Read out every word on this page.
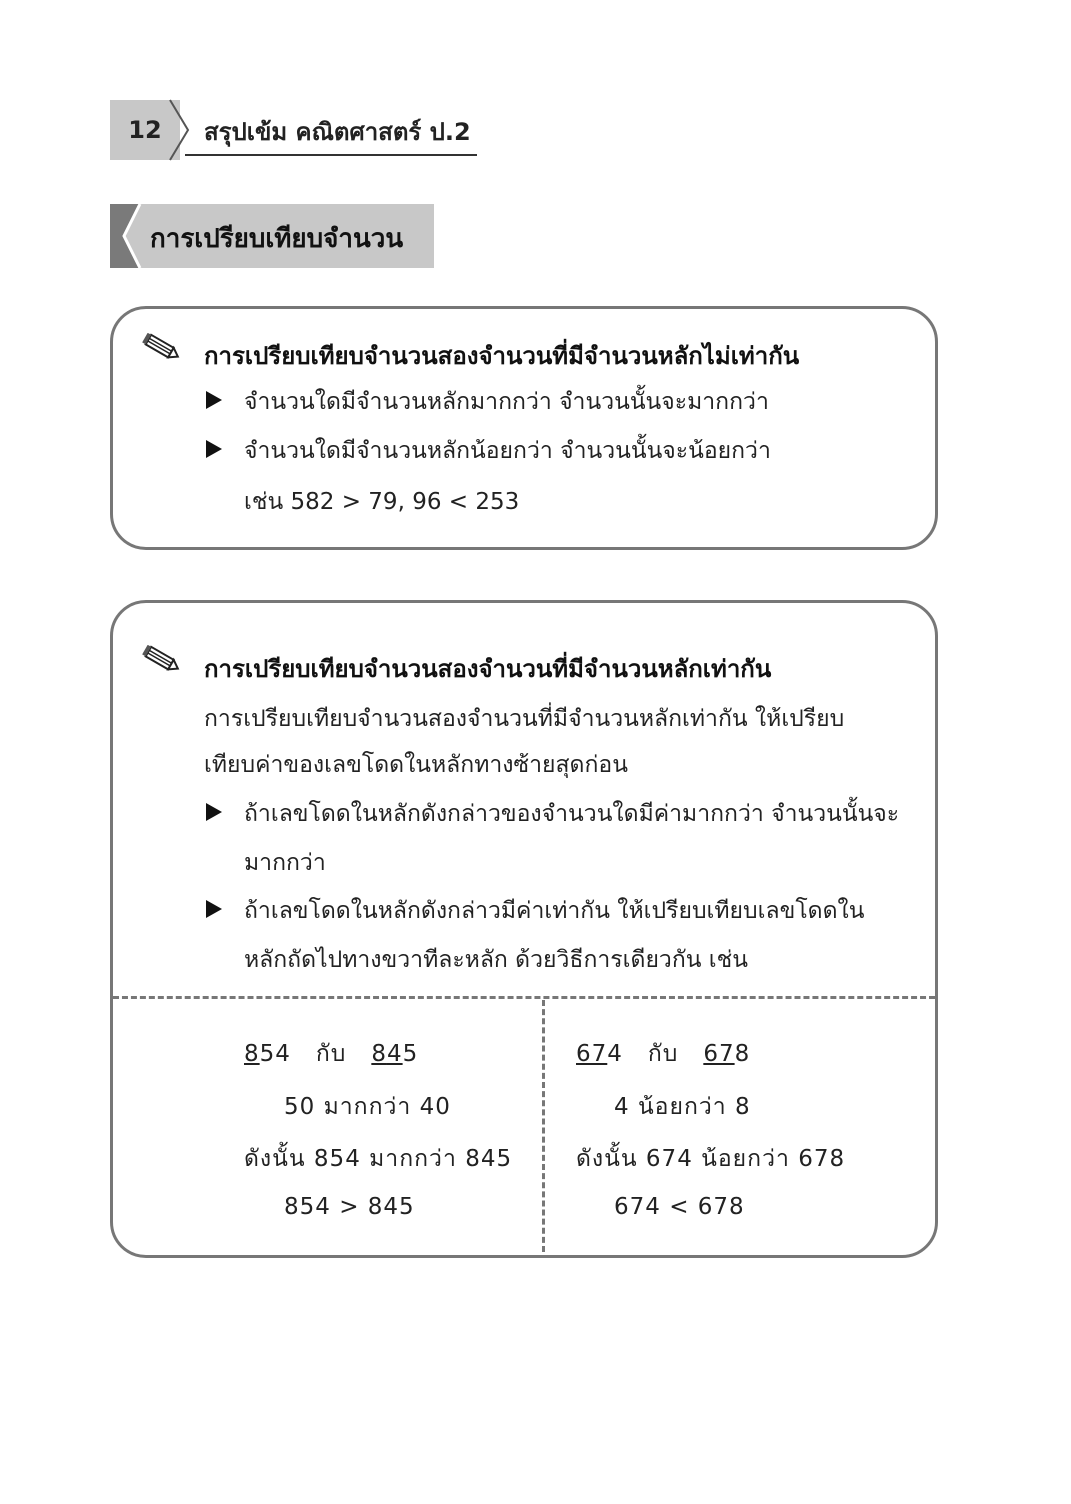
12	สรุปเข้ม คณิตศาสตร์ ป.2
การเปรียบเทียบจำนวน
การเปรียบเทียบจำนวนสองจำนวนที่มีจำนวนหลักไม่เท่ากัน
จำนวนใดมีจำนวนหลักมากกว่า จำนวนนั้นจะมากกว่า
จำนวนใดมีจำนวนหลักน้อยกว่า จำนวนนั้นจะน้อยกว่า
เช่น 582 > 79, 96 < 253
การเปรียบเทียบจำนวนสองจำนวนที่มีจำนวนหลักเท่ากัน
การเปรียบเทียบจำนวนสองจำนวนที่มีจำนวนหลักเท่ากัน ให้เปรียบ
เทียบค่าของเลขโดดในหลักทางซ้ายสุดก่อน
ถ้าเลขโดดในหลักดังกล่าวของจำนวนใดมีค่ามากกว่า จำนวนนั้นจะ
มากกว่า
ถ้าเลขโดดในหลักดังกล่าวมีค่าเท่ากัน ให้เปรียบเทียบเลขโดดใน
หลักถัดไปทางขวาทีละหลัก ด้วยวิธีการเดียวกัน เช่น
854 กับ 845
50 มากกว่า 40
ดังนั้น 854 มากกว่า 845
854 > 845
674 กับ 678
4 น้อยกว่า 8
ดังนั้น 674 น้อยกว่า 678
674 < 678
